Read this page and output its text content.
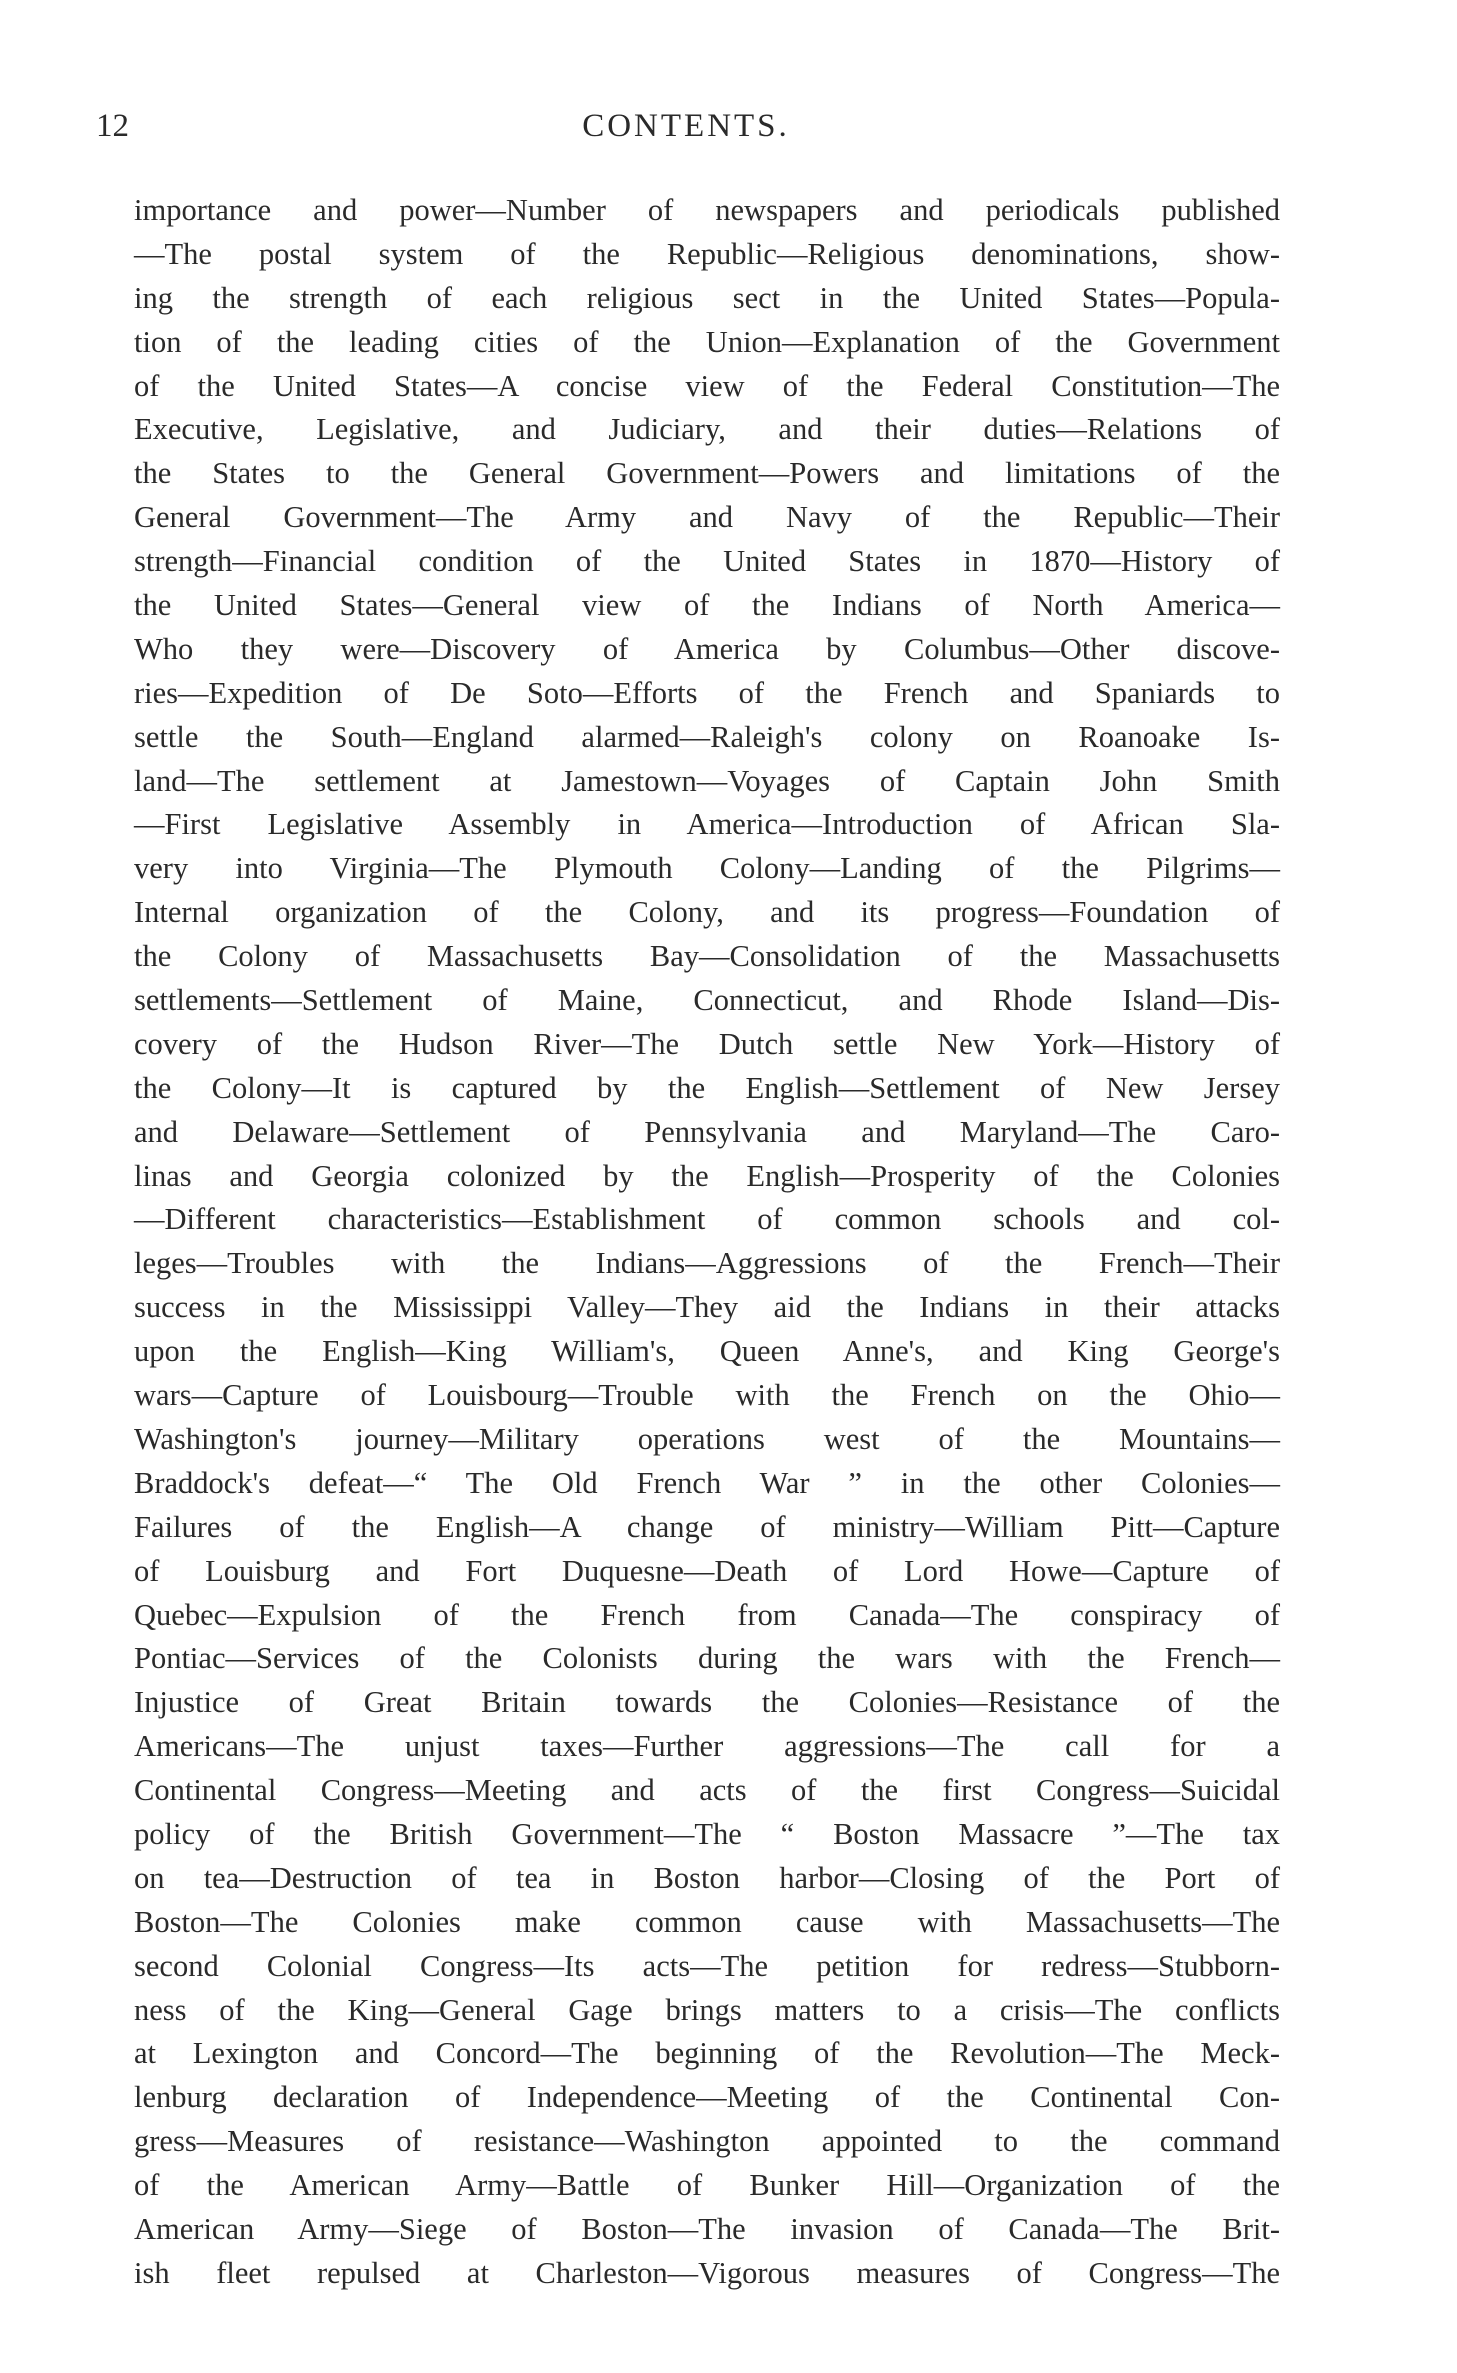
12	CONTENTS.
importance and power—Number of newspapers and periodicals published
—The postal system of the Republic—Religious denominations, show-
ing the strength of each religious sect in the United States—Popula-
tion of the leading cities of the Union—Explanation of the Government
of the United States—A concise view of the Federal Constitution—The
Executive, Legislative, and Judiciary, and their duties—Relations of
the States to the General Government—Powers and limitations of the
General Government—The Army and Navy of the Republic—Their
strength—Financial condition of the United States in 1870—History of
the United States—General view of the Indians of North America—
Who they were—Discovery of America by Columbus—Other discove-
ries—Expedition of De Soto—Efforts of the French and Spaniards to
settle the South—England alarmed—Raleigh's colony on Roanoake Is-
land—The settlement at Jamestown—Voyages of Captain John Smith
—First Legislative Assembly in America—Introduction of African Sla-
very into Virginia—The Plymouth Colony—Landing of the Pilgrims—
Internal organization of the Colony, and its progress—Foundation of
the Colony of Massachusetts Bay—Consolidation of the Massachusetts
settlements—Settlement of Maine, Connecticut, and Rhode Island—Dis-
covery of the Hudson River—The Dutch settle New York—History of
the Colony—It is captured by the English—Settlement of New Jersey
and Delaware—Settlement of Pennsylvania and Maryland—The Caro-
linas and Georgia colonized by the English—Prosperity of the Colonies
—Different characteristics—Establishment of common schools and col-
leges—Troubles with the Indians—Aggressions of the French—Their
success in the Mississippi Valley—They aid the Indians in their attacks
upon the English—King William's, Queen Anne's, and King George's
wars—Capture of Louisbourg—Trouble with the French on the Ohio—
Washington's journey—Military operations west of the Mountains—
Braddock's defeat—“ The Old French War ” in the other Colonies—
Failures of the English—A change of ministry—William Pitt—Capture
of Louisburg and Fort Duquesne—Death of Lord Howe—Capture of
Quebec—Expulsion of the French from Canada—The conspiracy of
Pontiac—Services of the Colonists during the wars with the French—
Injustice of Great Britain towards the Colonies—Resistance of the
Americans—The unjust taxes—Further aggressions—The call for a
Continental Congress—Meeting and acts of the first Congress—Suicidal
policy of the British Government—The “ Boston Massacre ”—The tax
on tea—Destruction of tea in Boston harbor—Closing of the Port of
Boston—The Colonies make common cause with Massachusetts—The
second Colonial Congress—Its acts—The petition for redress—Stubborn-
ness of the King—General Gage brings matters to a crisis—The conflicts
at Lexington and Concord—The beginning of the Revolution—The Meck-
lenburg declaration of Independence—Meeting of the Continental Con-
gress—Measures of resistance—Washington appointed to the command
of the American Army—Battle of Bunker Hill—Organization of the
American Army—Siege of Boston—The invasion of Canada—The Brit-
ish fleet repulsed at Charleston—Vigorous measures of Congress—The
